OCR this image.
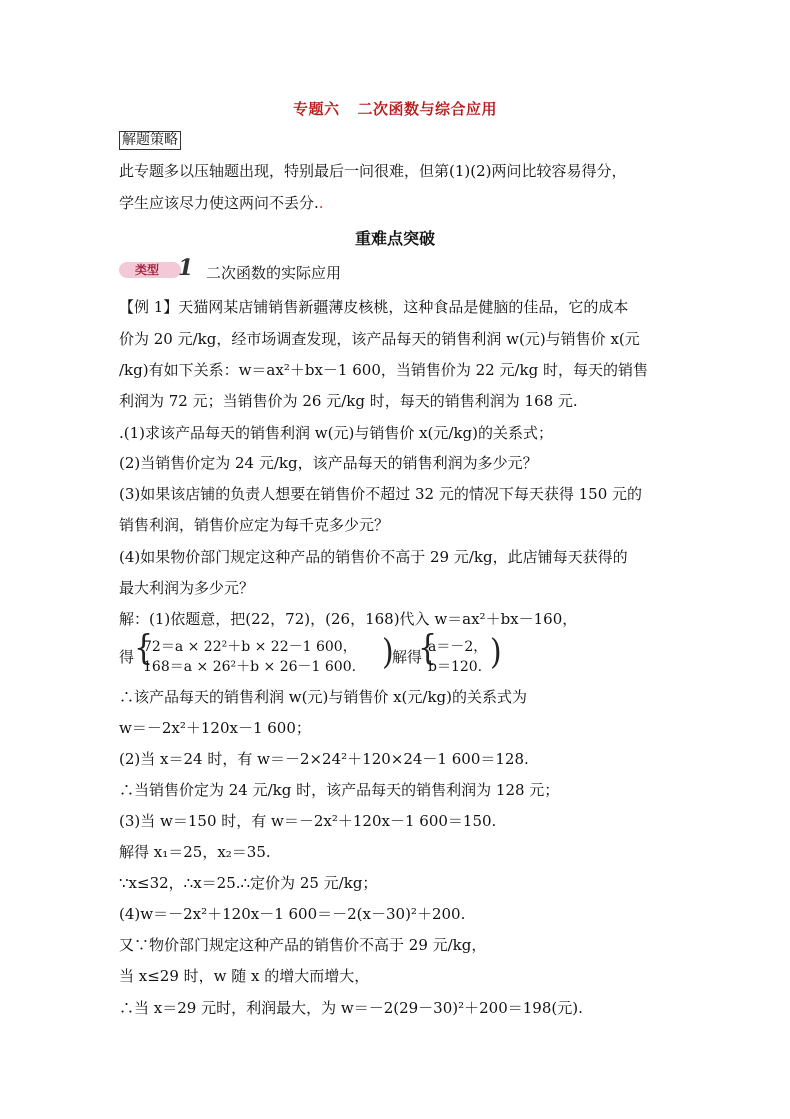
专题六 二次函数与综合应用
解题策略
此专题多以压轴题出现，特别最后一问很难，但第(1)(2)两问比较容易得分，
学生应该尽力使这两问不丢分..
重难点突破
类型 1 二次函数的实际应用
【例 1】天猫网某店铺销售新疆薄皮核桃，这种食品是健脑的佳品，它的成本
价为 20 元/kg，经市场调查发现，该产品每天的销售利润 w(元)与销售价 x(元
/kg)有如下关系：w＝ax²＋bx－1 600，当销售价为 22 元/kg 时，每天的销售
利润为 72 元；当销售价为 26 元/kg 时，每天的销售利润为 168 元.
.(1)求该产品每天的销售利润 w(元)与销售价 x(元/kg)的关系式；
(2)当销售价定为 24 元/kg，该产品每天的销售利润为多少元？
(3)如果该店铺的负责人想要在销售价不超过 32 元的情况下每天获得 150 元的
销售利润，销售价应定为每千克多少元？
(4)如果物价部门规定这种产品的销售价不高于 29 元/kg，此店铺每天获得的
最大利润为多少元？
解：(1)依题意，把(22，72)，(26，168)代入 w＝ax²＋bx－160，
得 {
72＝a × 22²＋b × 22－1 600，
168＝a × 26²＋b × 26－1 600. )
解得
{
a＝－2，
b＝120. )
∴该产品每天的销售利润 w(元)与销售价 x(元/kg)的关系式为
w＝－2x²＋120x－1 600；
(2)当 x＝24 时，有 w＝－2×24²＋120×24－1 600＝128.
∴当销售价定为 24 元/kg 时，该产品每天的销售利润为 128 元；
(3)当 w＝150 时，有 w＝－2x²＋120x－1 600＝150.
解得 x₁＝25，x₂＝35.
∵x≤32，∴x＝25.∴定价为 25 元/kg；
(4)w＝－2x²＋120x－1 600＝－2(x－30)²＋200.
又∵物价部门规定这种产品的销售价不高于 29 元/kg，
当 x≤29 时，w 随 x 的增大而增大，
∴当 x＝29 元时，利润最大，为 w＝－2(29－30)²＋200＝198(元).
